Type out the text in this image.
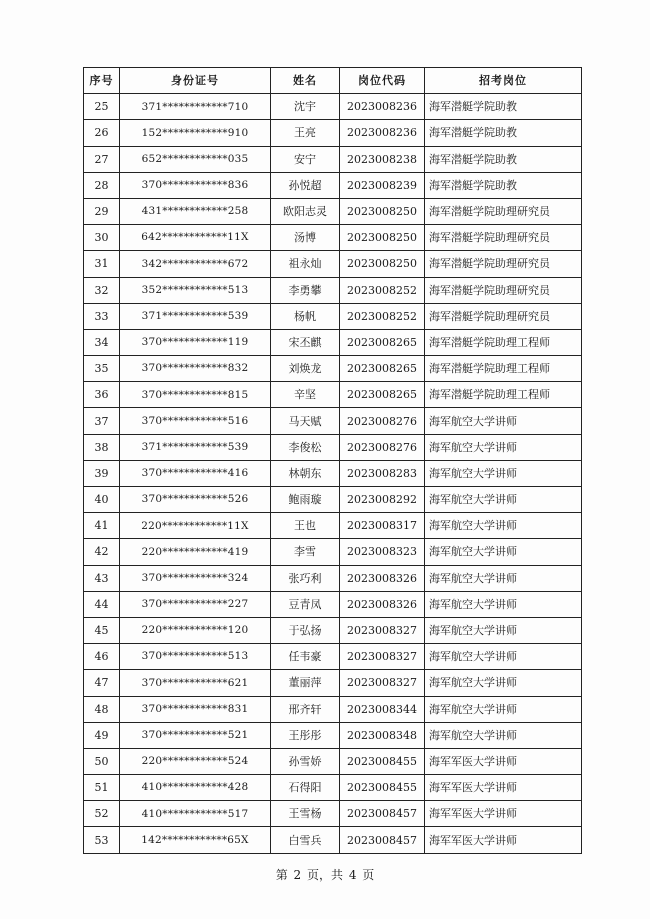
序号	身份证号	姓名	岗位代码	招考岗位
25	371************710	沈宇	2023008236	海军潜艇学院助教
26	152************910	王亮	2023008236	海军潜艇学院助教
27	652************035	安宁	2023008238	海军潜艇学院助教
28	370************836	孙悦超	2023008239	海军潜艇学院助教
29	431************258	欧阳志灵	2023008250	海军潜艇学院助理研究员
30	642************11X	汤博	2023008250	海军潜艇学院助理研究员
31	342************672	祖永灿	2023008250	海军潜艇学院助理研究员
32	352************513	李勇攀	2023008252	海军潜艇学院助理研究员
33	371************539	杨帆	2023008252	海军潜艇学院助理研究员
34	370************119	宋丕麒	2023008265	海军潜艇学院助理工程师
35	370************832	刘焕龙	2023008265	海军潜艇学院助理工程师
36	370************815	辛坚	2023008265	海军潜艇学院助理工程师
37	370************516	马天赋	2023008276	海军航空大学讲师
38	371************539	李俊松	2023008276	海军航空大学讲师
39	370************416	林朝东	2023008283	海军航空大学讲师
40	370************526	鲍雨璇	2023008292	海军航空大学讲师
41	220************11X	王也	2023008317	海军航空大学讲师
42	220************419	李雪	2023008323	海军航空大学讲师
43	370************324	张巧利	2023008326	海军航空大学讲师
44	370************227	豆青凤	2023008326	海军航空大学讲师
45	220************120	于弘扬	2023008327	海军航空大学讲师
46	370************513	任韦豪	2023008327	海军航空大学讲师
47	370************621	董丽萍	2023008327	海军航空大学讲师
48	370************831	邢齐轩	2023008344	海军航空大学讲师
49	370************521	王彤彤	2023008348	海军航空大学讲师
50	220************524	孙雪娇	2023008455	海军军医大学讲师
51	410************428	石得阳	2023008455	海军军医大学讲师
52	410************517	王雪杨	2023008457	海军军医大学讲师
53	142************65X	白雪兵	2023008457	海军军医大学讲师
第 2 页，共 4 页
